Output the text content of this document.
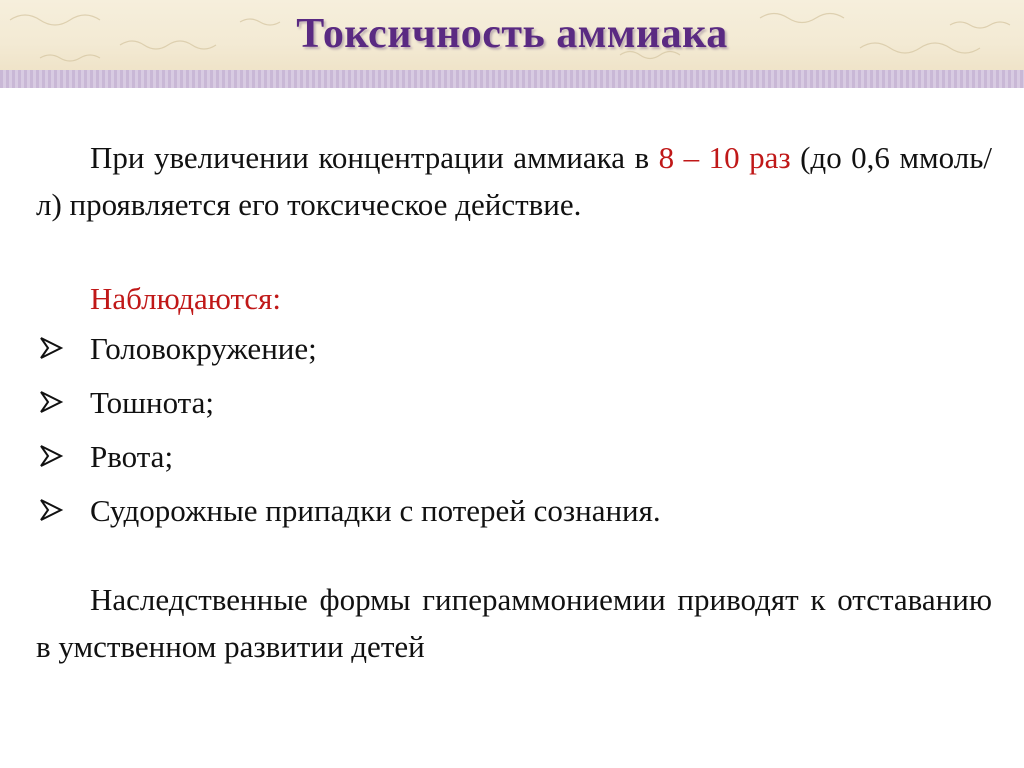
Токсичность аммиака

При увеличении концентрации аммиака в 8 – 10 раз (до 0,6 ммоль/л) проявляется его токсическое действие.

Наблюдаются:

Головокружение;
Тошнота;
Рвота;
Судорожные припадки с потерей сознания.

Наследственные формы гипераммониемии приводят к отставанию в умственном развитии детей
